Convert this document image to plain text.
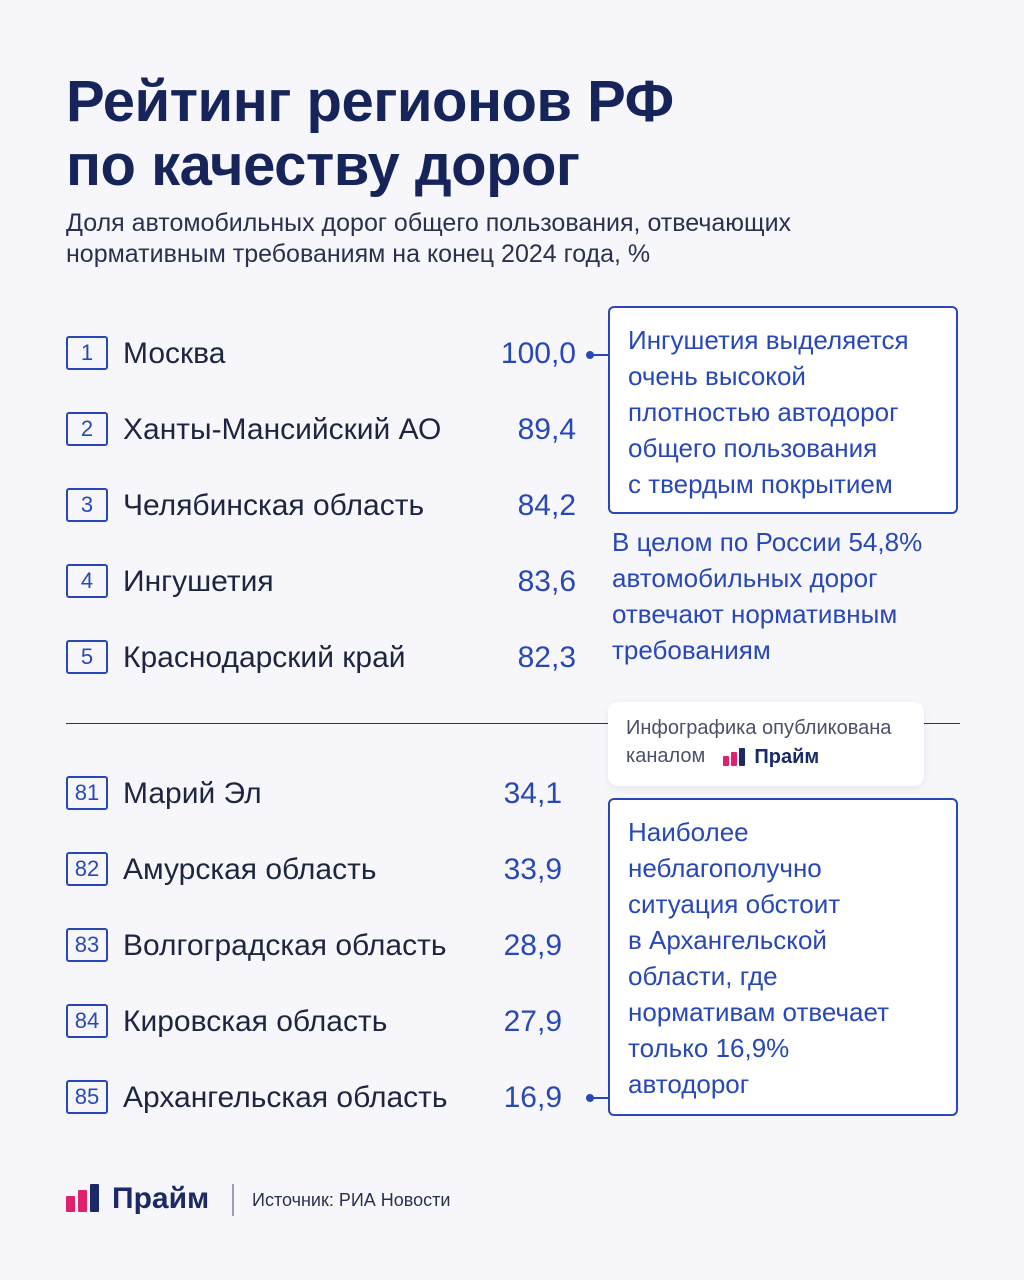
Рейтинг регионов РФ
по качеству дорог
Доля автомобильных дорог общего пользования, отвечающих
нормативным требованиям на конец 2024 года, %
1 Москва	100,0
2 Ханты-Мансийский АО	89,4
3 Челябинская область	84,2
4 Ингушетия	83,6
5 Краснодарский край	82,3
81 Марий Эл	34,1
82 Амурская область	33,9
83 Волгоградская область 28,9
84 Кировская область	27,9
85 Архангельская область 16,9
Ингушетия выделяется
очень высокой
плотностью автодорог
общего пользования
с твердым покрытием
В целом по России 54,8%
автомобильных дорог
отвечают нормативным
требованиям
Инфографика опубликована
каналом Прайм
Наиболее
неблагополучно
ситуация обстоит
в Архангельской
области, где
нормативам отвечает
только 16,9%
автодорог
Прайм Источник: РИА Новости
